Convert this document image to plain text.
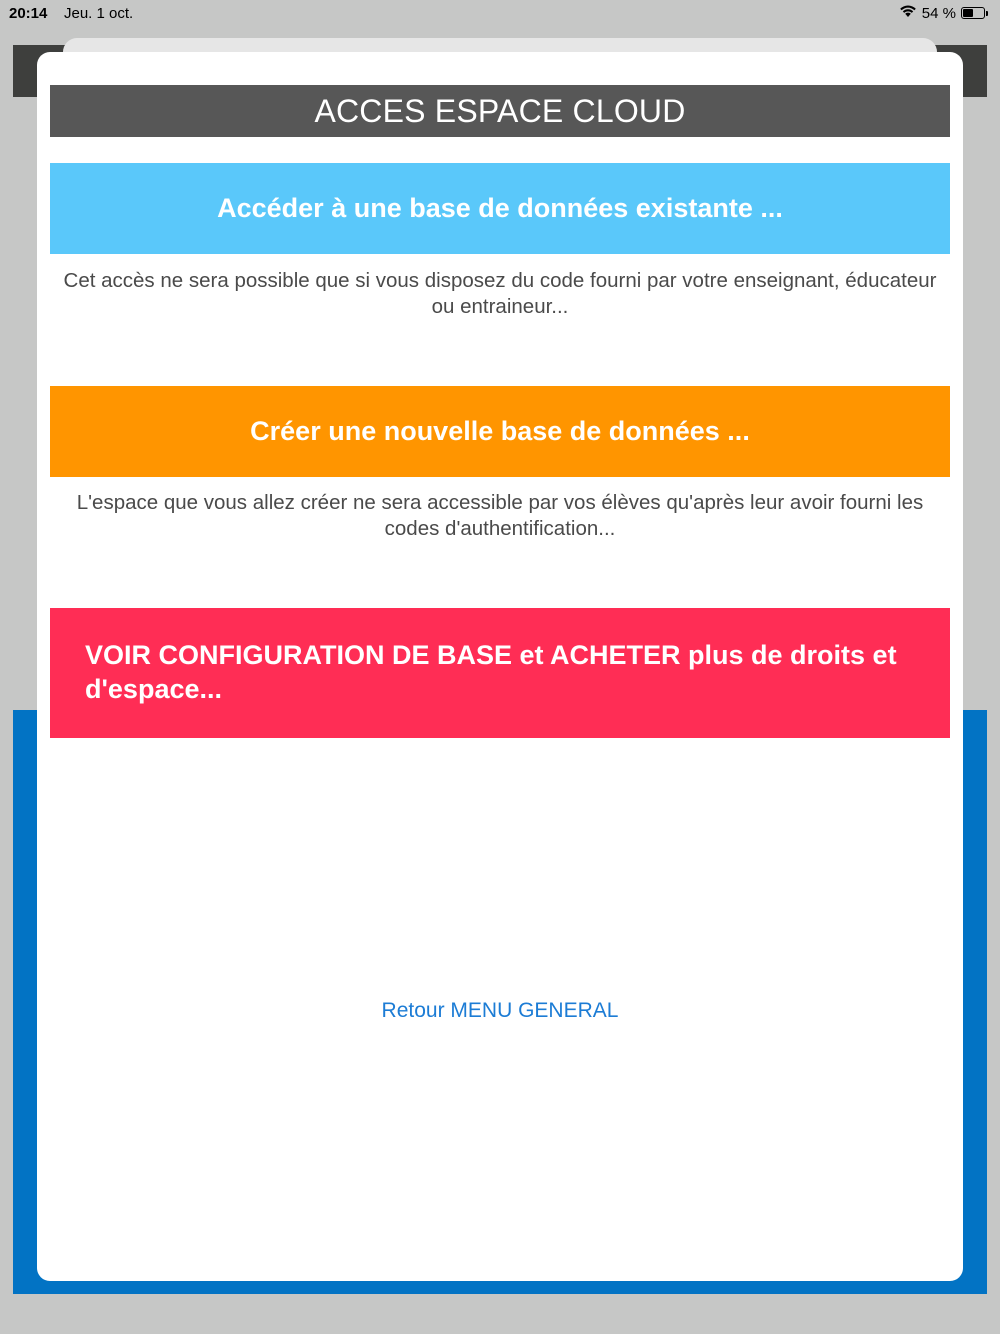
20:14 Jeu. 1 oct.	54 %
ACCES ESPACE CLOUD
Accéder à une base de données existante ...
Cet accès ne sera possible que si vous disposez du code fourni par votre enseignant, éducateur ou entraineur...
Créer une nouvelle base de données ...
L'espace que vous allez créer ne sera accessible par vos élèves qu'après leur avoir fourni les codes d'authentification...
VOIR CONFIGURATION DE BASE et ACHETER plus de droits et d'espace...
Retour MENU GENERAL
